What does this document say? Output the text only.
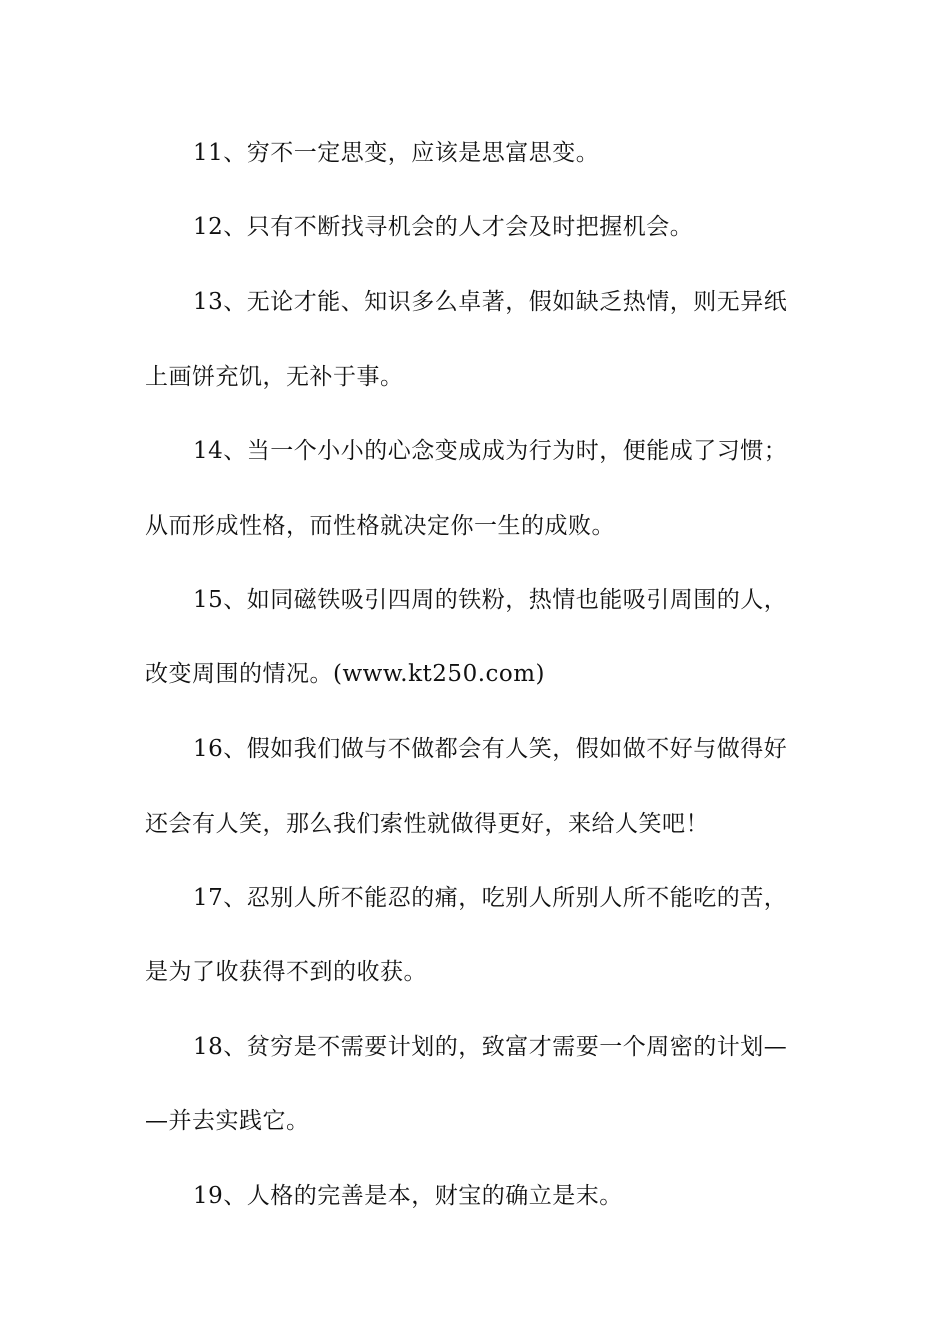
11、穷不一定思变，应该是思富思变。
12、只有不断找寻机会的人才会及时把握机会。
13、无论才能、知识多么卓著，假如缺乏热情，则无异纸
上画饼充饥，无补于事。
14、当一个小小的心念变成成为行为时，便能成了习惯；
从而形成性格，而性格就决定你一生的成败。
15、如同磁铁吸引四周的铁粉，热情也能吸引周围的人，
改变周围的情况。(www.kt250.com)
16、假如我们做与不做都会有人笑，假如做不好与做得好
还会有人笑，那么我们索性就做得更好，来给人笑吧！
17、忍别人所不能忍的痛，吃别人所别人所不能吃的苦，
是为了收获得不到的收获。
18、贫穷是不需要计划的，致富才需要一个周密的计划—
—并去实践它。
19、人格的完善是本，财宝的确立是末。
